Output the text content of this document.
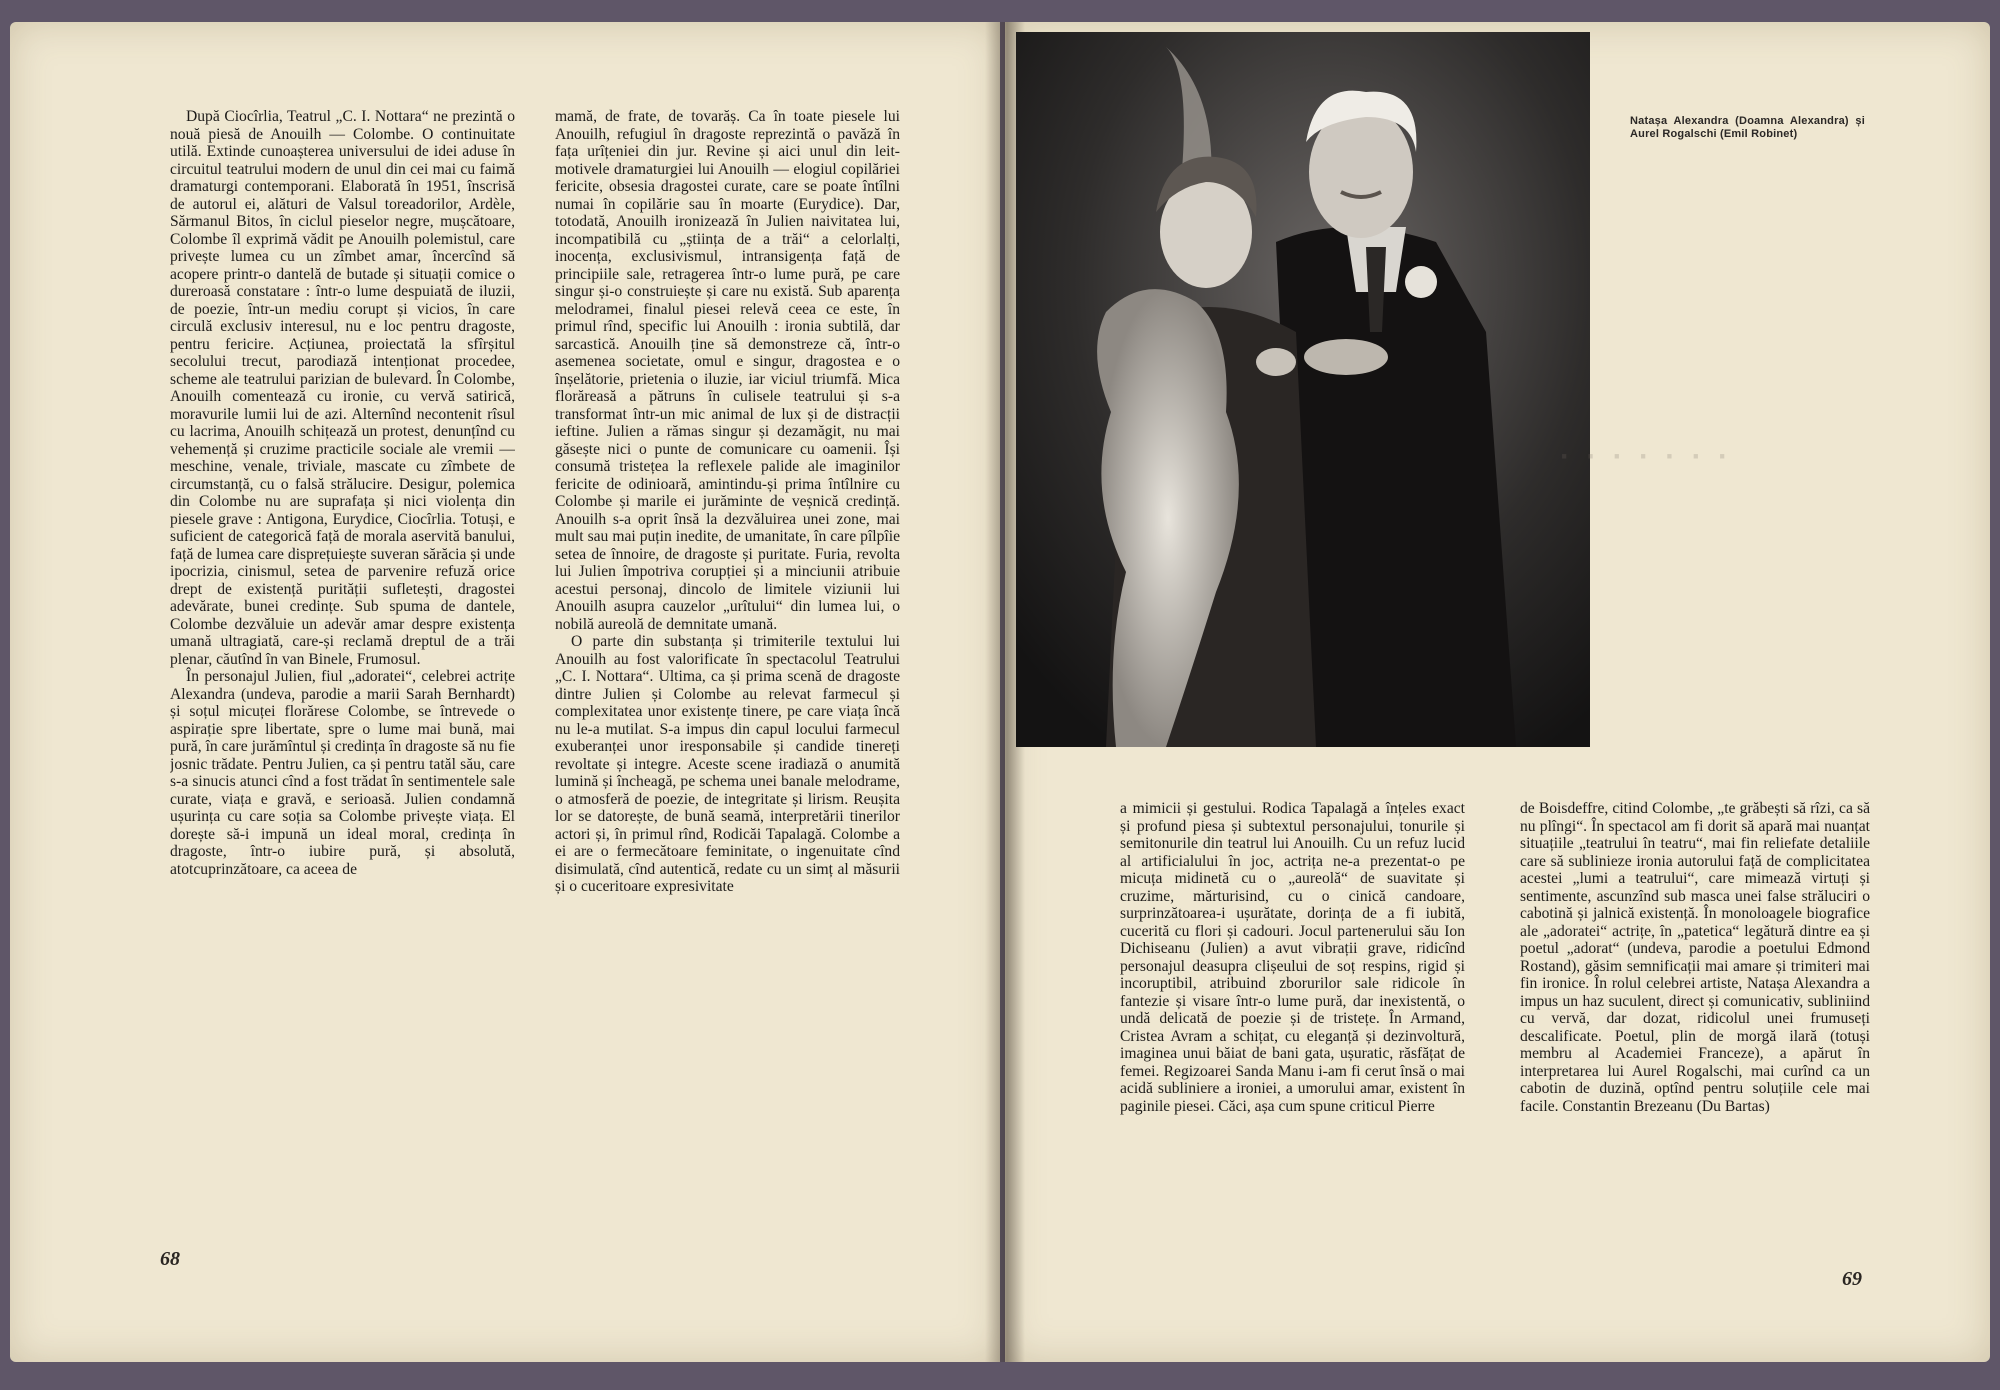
După Ciocîrlia, Teatrul „C. I. Nottara“ ne prezintă o nouă piesă de Anouilh — Colombe. O continuitate utilă. Extinde cunoașterea universului de idei aduse în circuitul teatrului modern de unul din cei mai cu faimă dramaturgi contemporani. Elaborată în 1951, înscrisă de autorul ei, alături de Valsul toreadorilor, Ardèle, Sărmanul Bitos, în ciclul pieselor negre, mușcătoare, Colombe îl exprimă vădit pe Anouilh polemistul, care privește lumea cu un zîmbet amar, încercînd să acopere printr-o dantelă de butade și situații comice o dureroasă constatare : într-o lume despuiată de iluzii, de poezie, într-un mediu corupt și vicios, în care circulă exclusiv interesul, nu e loc pentru dragoste, pentru fericire. Acțiunea, proiectată la sfîrșitul secolului trecut, parodiază intenționat procedee, scheme ale teatrului parizian de bulevard. În Colombe, Anouilh comentează cu ironie, cu vervă satirică, moravurile lumii lui de azi. Alternînd necontenit rîsul cu lacrima, Anouilh schițează un protest, denunțînd cu vehemență și cruzime practicile sociale ale vremii — meschine, venale, triviale, mascate cu zîmbete de circumstanță, cu o falsă strălucire. Desigur, polemica din Colombe nu are suprafața și nici violența din piesele grave : Antigona, Eurydice, Ciocîrlia. Totuși, e suficient de categorică față de morala aservită banului, față de lumea care disprețuiește suveran sărăcia și unde ipocrizia, cinismul, setea de parvenire refuză orice drept de existență purității sufletești, dragostei adevărate, bunei credințe. Sub spuma de dantele, Colombe dezvăluie un adevăr amar despre existența umană ultragiată, care-și reclamă dreptul de a trăi plenar, căutînd în van Binele, Frumosul.

În personajul Julien, fiul „adoratei“, celebrei actrițe Alexandra (undeva, parodie a marii Sarah Bernhardt) și soțul micuței florărese Colombe, se întrevede o aspirație spre libertate, spre o lume mai bună, mai pură, în care jurămîntul și credința în dragoste să nu fie josnic trădate. Pentru Julien, ca și pentru tatăl său, care s-a sinucis atunci cînd a fost trădat în sentimentele sale curate, viața e gravă, e serioasă. Julien condamnă ușurința cu care soția sa Colombe privește viața. El dorește să-i impună un ideal moral, credința în dragoste, într-o iubire pură, și absolută, atotcuprinzătoare, ca aceea de

mamă, de frate, de tovarăș. Ca în toate piesele lui Anouilh, refugiul în dragoste reprezintă o pavăză în fața urîțeniei din jur. Revine și aici unul din leit-motivele dramaturgiei lui Anouilh — elogiul copilăriei fericite, obsesia dragostei curate, care se poate întîlni numai în copilărie sau în moarte (Eurydice). Dar, totodată, Anouilh ironizează în Julien naivitatea lui, incompatibilă cu „știința de a trăi“ a celorlalți, inocența, exclusivismul, intransigența față de principiile sale, retragerea într-o lume pură, pe care singur și-o construiește și care nu există. Sub aparența melodramei, finalul piesei relevă ceea ce este, în primul rînd, specific lui Anouilh : ironia subtilă, dar sarcastică. Anouilh ține să demonstreze că, într-o asemenea societate, omul e singur, dragostea e o înșelătorie, prietenia o iluzie, iar viciul triumfă. Mica florăreasă a pătruns în culisele teatrului și s-a transformat într-un mic animal de lux și de distracții ieftine. Julien a rămas singur și dezamăgit, nu mai găsește nici o punte de comunicare cu oamenii. Își consumă tristețea la reflexele palide ale imaginilor fericite de odinioară, amintindu-și prima întîlnire cu Colombe și marile ei jurăminte de veșnică credință. Anouilh s-a oprit însă la dezvăluirea unei zone, mai mult sau mai puțin inedite, de umanitate, în care pîlpîie setea de înnoire, de dragoste și puritate. Furia, revolta lui Julien împotriva corupției și a minciunii atribuie acestui personaj, dincolo de limitele viziunii lui Anouilh asupra cauzelor „urîtului“ din lumea lui, o nobilă aureolă de demnitate umană.

O parte din substanța și trimiterile textului lui Anouilh au fost valorificate în spectacolul Teatrului „C. I. Nottara“. Ultima, ca și prima scenă de dragoste dintre Julien și Colombe au relevat farmecul și complexitatea unor existențe tinere, pe care viața încă nu le-a mutilat. S-a impus din capul locului farmecul exuberanței unor iresponsabile și candide tinereți revoltate și integre. Aceste scene iradiază o anumită lumină și încheagă, pe schema unei banale melodrame, o atmosferă de poezie, de integritate și lirism. Reușita lor se datorește, de bună seamă, interpretării tinerilor actori și, în primul rînd, Rodicăi Tapalagă. Colombe a ei are o fermecătoare feminitate, o ingenuitate cînd disimulată, cînd autentică, redate cu un simț al măsurii și o cuceritoare expresivitate

68
Natașa Alexandra (Doamna Alexandra) și Aurel Rogalschi (Emil Robinet)
· · · · · · ·

a mimicii și gestului. Rodica Tapalagă a înțeles exact și profund piesa și subtextul personajului, tonurile și semitonurile din teatrul lui Anouilh. Cu un refuz lucid al artificialului în joc, actrița ne-a prezentat-o pe micuța midinetă cu o „aureolă“ de suavitate și cruzime, mărturisind, cu o cinică candoare, surprinzătoarea-i ușurătate, dorința de a fi iubită, cucerită cu flori și cadouri. Jocul partenerului său Ion Dichiseanu (Julien) a avut vibrații grave, ridicînd personajul deasupra clișeului de soț respins, rigid și incoruptibil, atribuind zborurilor sale ridicole în fantezie și visare într-o lume pură, dar inexistentă, o undă delicată de poezie și de tristețe. În Armand, Cristea Avram a schițat, cu eleganță și dezinvoltură, imaginea unui băiat de bani gata, ușuratic, răsfățat de femei. Regizoarei Sanda Manu i-am fi cerut însă o mai acidă subliniere a ironiei, a umorului amar, existent în paginile piesei. Căci, așa cum spune criticul Pierre

de Boisdeffre, citind Colombe, „te grăbești să rîzi, ca să nu plîngi“. În spectacol am fi dorit să apară mai nuanțat situațiile „teatrului în teatru“, mai fin reliefate detaliile care să sublinieze ironia autorului față de complicitatea acestei „lumi a teatrului“, care mimează virtuți și sentimente, ascunzînd sub masca unei false străluciri o cabotină și jalnică existență. În monoloagele biografice ale „adoratei“ actrițe, în „pateticа“ legătură dintre ea și poetul „adorat“ (undeva, parodie a poetului Edmond Rostand), găsim semnificații mai amare și trimiteri mai fin ironice. În rolul celebrei artiste, Natașa Alexandra a impus un haz suculent, direct și comunicativ, subliniind cu vervă, dar dozat, ridicolul unei frumuseți descalificate. Poetul, plin de morgă ilară (totuși membru al Academiei Franceze), a apărut în interpretarea lui Aurel Rogalschi, mai curînd ca un cabotin de duzină, optînd pentru soluțiile cele mai facile. Constantin Brezeanu (Du Bartas)

69
